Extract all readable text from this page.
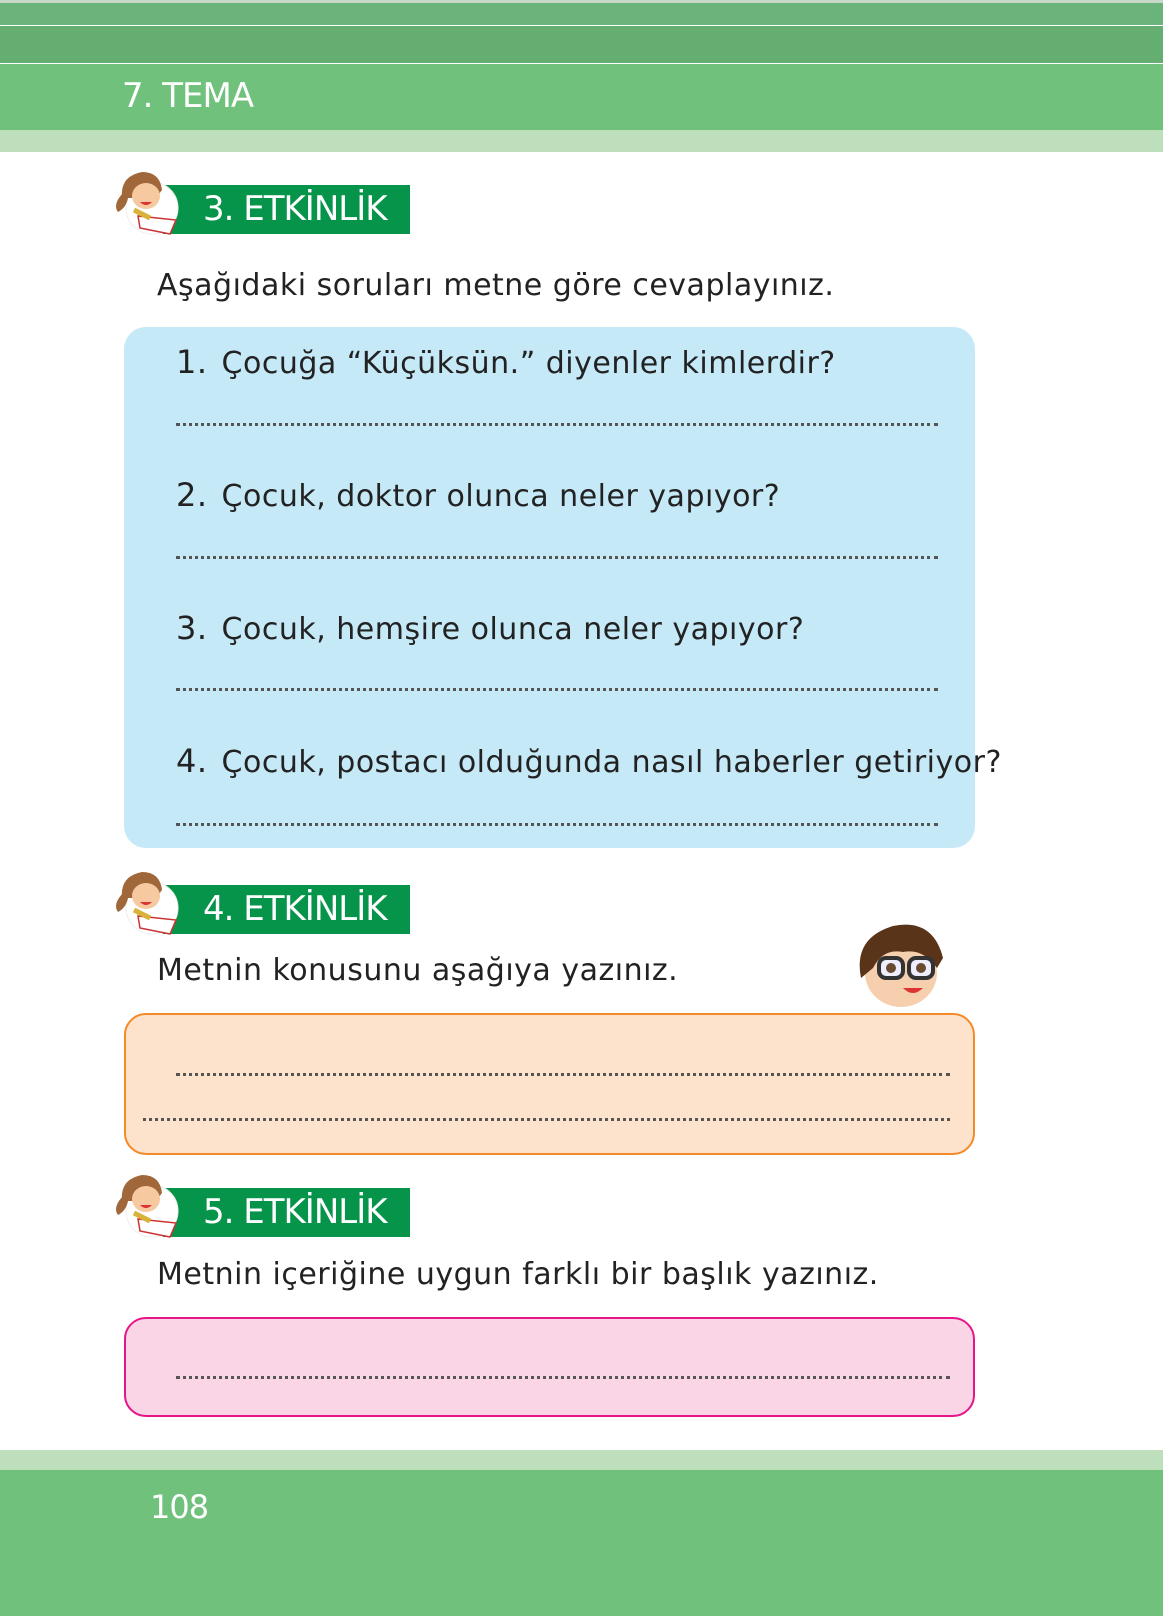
7. TEMA
3. ETKİNLİK
Aşağıdaki soruları metne göre cevaplayınız.
1. Çocuğa “Küçüksün.” diyenler kimlerdir?
2. Çocuk, doktor olunca neler yapıyor?
3. Çocuk, hemşire olunca neler yapıyor?
4. Çocuk, postacı olduğunda nasıl haberler getiriyor?
4. ETKİNLİK
Metnin konusunu aşağıya yazınız.
5. ETKİNLİK
Metnin içeriğine uygun farklı bir başlık yazınız.
108
